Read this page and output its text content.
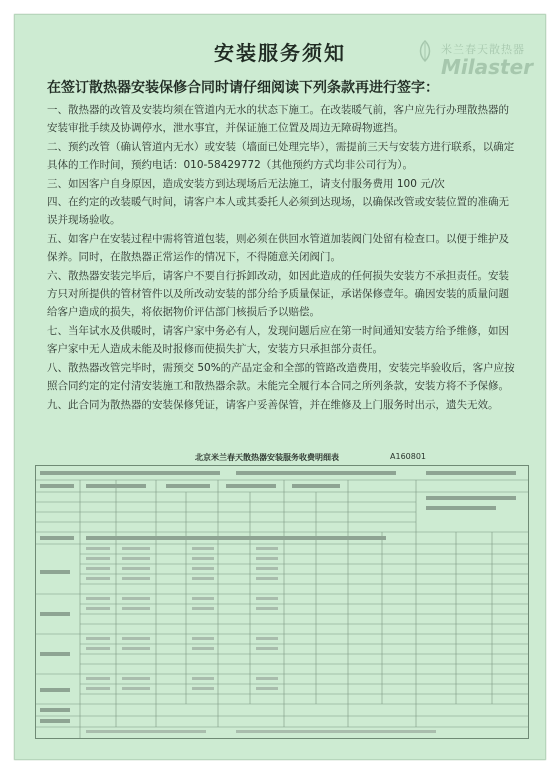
米兰春天散热器
Milaster
安装服务须知
在签订散热器安装保修合同时请仔细阅读下列条款再进行签字：

一、散热器的改管及安装均须在管道内无水的状态下施工。在改装暖气前，客户应先行办理散热器的安装审批手续及协调停水，泄水事宜，并保证施工位置及周边无障碍物遮挡。

二、预约改管（确认管道内无水）或安装（墙面已处理完毕），需提前三天与安装方进行联系，以确定具体的工作时间，预约电话：010-58429772（其他预约方式均非公司行为）。

三、如因客户自身原因，造成安装方到达现场后无法施工，请支付服务费用 100 元/次

四、在约定的改装暖气时间，请客户本人或其委托人必须到达现场，以确保改管或安装位置的准确无误并现场验收。

五、如客户在安装过程中需将管道包装，则必须在供回水管道加装阀门处留有检查口。以便于维护及保养。同时，在散热器正常运作的情况下，不得随意关闭阀门。

六、散热器安装完毕后，请客户不要自行拆卸改动，如因此造成的任何损失安装方不承担责任。安装方只对所提供的管材管件以及所改动安装的部分给予质量保证，承诺保修壹年。确因安装的质量问题给客户造成的损失，将依据物价评估部门核损后予以赔偿。

七、当年试水及供暖时，请客户家中务必有人，发现问题后应在第一时间通知安装方给予维修，如因客户家中无人造成未能及时报修而使损失扩大，安装方只承担部分责任。

八、散热器改管完毕时，需预交 50%的产品定金和全部的管路改造费用，安装完毕验收后，客户应按照合同约定的定付清安装施工和散热器余款。未能完全履行本合同之所列条款，安装方将不予保修。

九、此合同为散热器的安装保修凭证，请客户妥善保管，并在维修及上门服务时出示，遗失无效。

北京米兰春天散热器安装服务收费明细表	A160801
